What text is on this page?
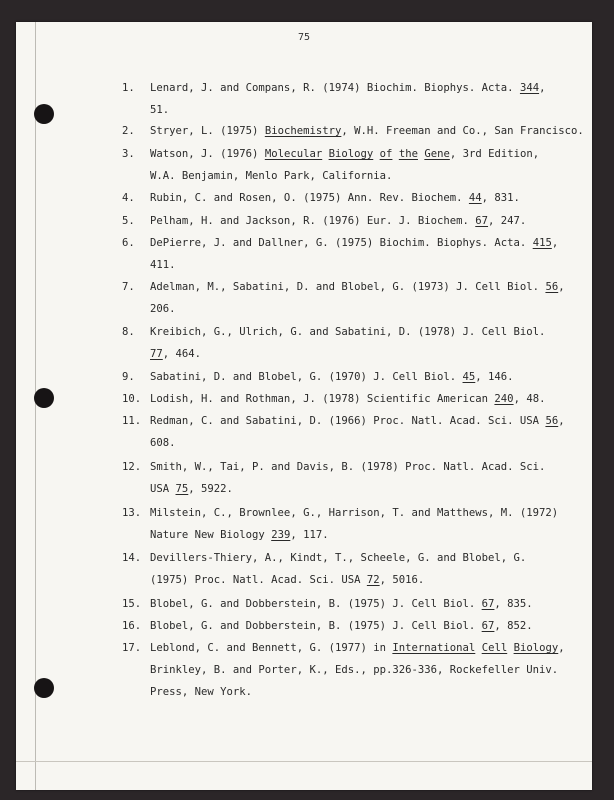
75
1. Lenard, J. and Compans, R. (1974) Biochim. Biophys. Acta. 344,
51.
2. Stryer, L. (1975) Biochemistry, W.H. Freeman and Co., San Francisco.
3. Watson, J. (1976) Molecular Biology of the Gene, 3rd Edition,
W.A. Benjamin, Menlo Park, California.
4. Rubin, C. and Rosen, O. (1975) Ann. Rev. Biochem. 44, 831.
5. Pelham, H. and Jackson, R. (1976) Eur. J. Biochem. 67, 247.
6. DePierre, J. and Dallner, G. (1975) Biochim. Biophys. Acta. 415,
411.
7. Adelman, M., Sabatini, D. and Blobel, G. (1973) J. Cell Biol. 56,
206.
8. Kreibich, G., Ulrich, G. and Sabatini, D. (1978) J. Cell Biol.
77, 464.
9. Sabatini, D. and Blobel, G. (1970) J. Cell Biol. 45, 146.
10. Lodish, H. and Rothman, J. (1978) Scientific American 240, 48.
11. Redman, C. and Sabatini, D. (1966) Proc. Natl. Acad. Sci. USA 56,
608.
12. Smith, W., Tai, P. and Davis, B. (1978) Proc. Natl. Acad. Sci.
USA 75, 5922.
13. Milstein, C., Brownlee, G., Harrison, T. and Matthews, M. (1972)
Nature New Biology 239, 117.
14. Devillers-Thiery, A., Kindt, T., Scheele, G. and Blobel, G.
(1975) Proc. Natl. Acad. Sci. USA 72, 5016.
15. Blobel, G. and Dobberstein, B. (1975) J. Cell Biol. 67, 835.
16. Blobel, G. and Dobberstein, B. (1975) J. Cell Biol. 67, 852.
17. Leblond, C. and Bennett, G. (1977) in International Cell Biology,
Brinkley, B. and Porter, K., Eds., pp.326-336, Rockefeller Univ.
Press, New York.
